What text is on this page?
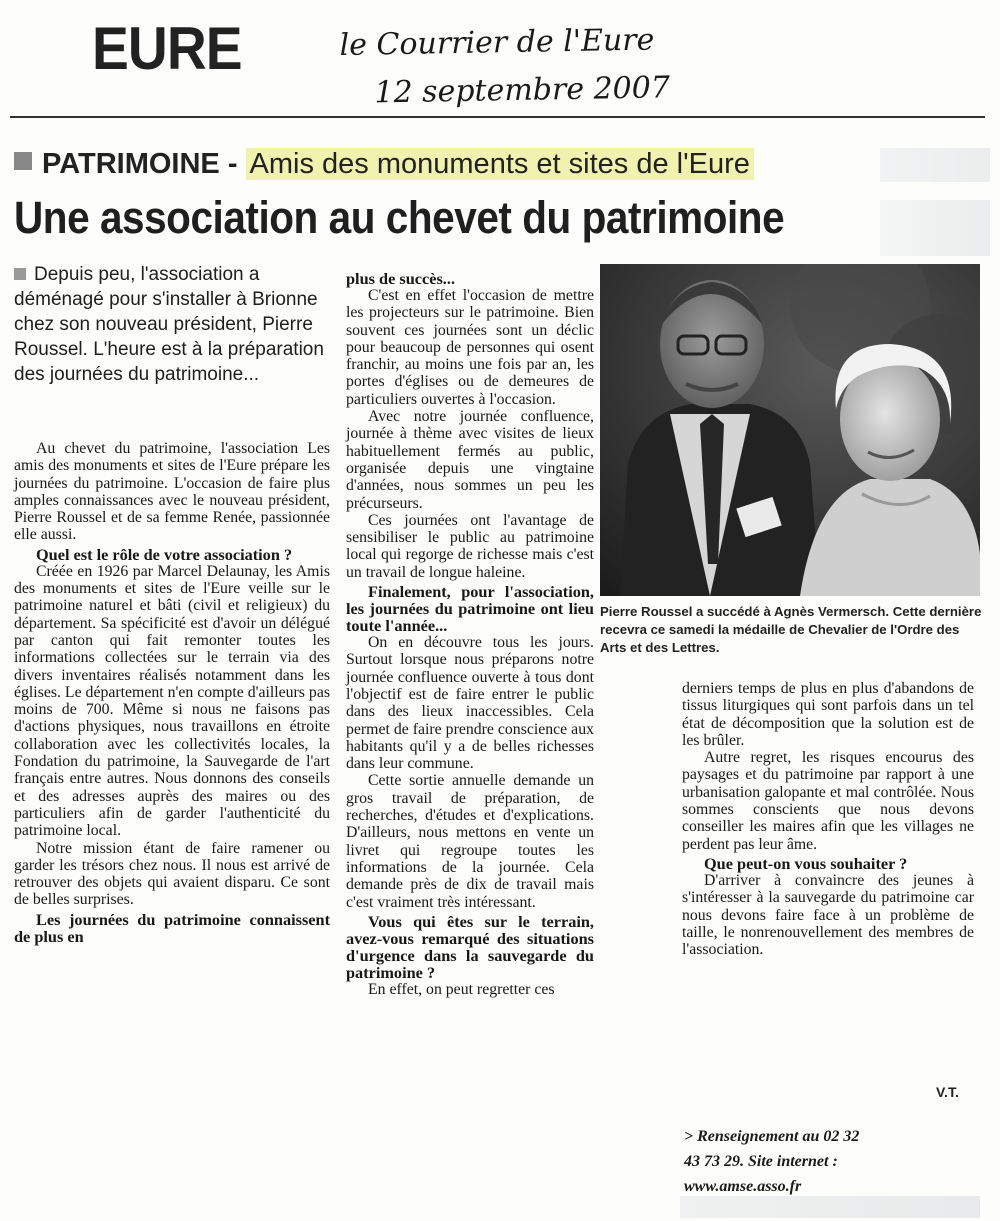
EURE	le Courrier de l'Eure
12 septembre 2007
PATRIMOINE - Amis des monuments et sites de l'Eure
Une association au chevet du patrimoine
Depuis peu, l'association a déménagé pour s'installer à Brionne chez son nouveau président, Pierre Roussel. L'heure est à la préparation des journées du patrimoine...

Au chevet du patrimoine, l'association Les amis des monuments et sites de l'Eure prépare les journées du patrimoine. L'occasion de faire plus amples connaissances avec le nouveau président, Pierre Roussel et de sa femme Renée, passionnée elle aussi.

Quel est le rôle de votre association ?

Créée en 1926 par Marcel Delaunay, les Amis des monuments et sites de l'Eure veille sur le patrimoine naturel et bâti (civil et religieux) du département. Sa spécificité est d'avoir un délégué par canton qui fait remonter toutes les informations collectées sur le terrain via des divers inventaires réalisés notamment dans les églises. Le département n'en compte d'ailleurs pas moins de 700. Même si nous ne faisons pas d'actions physiques, nous travaillons en étroite collaboration avec les collectivités locales, la Fondation du patrimoine, la Sauvegarde de l'art français entre autres. Nous donnons des conseils et des adresses auprès des maires ou des particuliers afin de garder l'authenticité du patrimoine local.

Notre mission étant de faire ramener ou garder les trésors chez nous. Il nous est arrivé de retrouver des objets qui avaient disparu. Ce sont de belles surprises.

Les journées du patrimoine connaissent de plus en
plus de succès...

C'est en effet l'occasion de mettre les projecteurs sur le patrimoine. Bien souvent ces journées sont un déclic pour beaucoup de personnes qui osent franchir, au moins une fois par an, les portes d'églises ou de demeures de particuliers ouvertes à l'occasion.

Avec notre journée confluence, journée à thème avec visites de lieux habituellement fermés au public, organisée depuis une vingtaine d'années, nous sommes un peu les précurseurs.

Ces journées ont l'avantage de sensibiliser le public au patrimoine local qui regorge de richesse mais c'est un travail de longue haleine.

Finalement, pour l'association, les journées du patrimoine ont lieu toute l'année...

On en découvre tous les jours. Surtout lorsque nous préparons notre journée confluence ouverte à tous dont l'objectif est de faire entrer le public dans des lieux inaccessibles. Cela permet de faire prendre conscience aux habitants qu'il y a de belles richesses dans leur commune.

Cette sortie annuelle demande un gros travail de préparation, de recherches, d'études et d'explications. D'ailleurs, nous mettons en vente un livret qui regroupe toutes les informations de la journée. Cela demande près de dix de travail mais c'est vraiment très intéressant.

Vous qui êtes sur le terrain, avez-vous remarqué des situations d'urgence dans la sauvegarde du patrimoine ?

En effet, on peut regretter ces

Pierre Roussel a succédé à Agnès Vermersch. Cette dernière recevra ce samedi la médaille de Chevalier de l'Ordre des Arts et des Lettres.

derniers temps de plus en plus d'abandons de tissus liturgiques qui sont parfois dans un tel état de décomposition que la solution est de les brûler.

Autre regret, les risques encourus des paysages et du patrimoine par rapport à une urbanisation galopante et mal contrôlée. Nous sommes conscients que nous devons conseiller les maires afin que les villages ne perdent pas leur âme.

Que peut-on vous souhaiter ?

D'arriver à convaincre des jeunes à s'intéresser à la sauvegarde du patrimoine car nous devons faire face à un problème de taille, le nonrenouvellement des membres de l'association.

V.T.
> Renseignement au 02 32
43 73 29. Site internet :
www.amse.asso.fr
